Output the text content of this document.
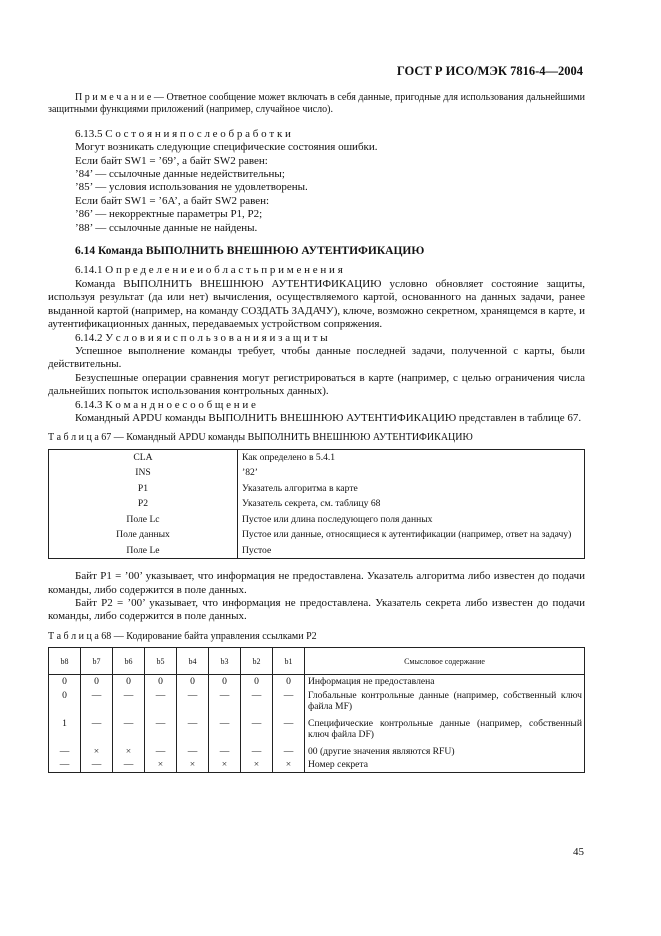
ГОСТ Р ИСО/МЭК 7816-4—2004

П р и м е ч а н и е — Ответное сообщение может включать в себя данные, пригодные для использования дальнейшими защитными функциями приложений (например, случайное число).

6.13.5 С о с т о я н и я п о с л е о б р а б о т к и

Могут возникать следующие специфические состояния ошибки.

Если байт SW1 = ’69’, а байт SW2 равен:

’84’ — ссылочные данные недействительны;

’85’ — условия использования не удовлетворены.

Если байт SW1 = ’6A’, а байт SW2 равен:

’86’ — некорректные параметры P1, P2;

’88’ — ссылочные данные не найдены.

6.14 Команда ВЫПОЛНИТЬ ВНЕШНЮЮ АУТЕНТИФИКАЦИЮ

6.14.1 О п р е д е л е н и е и о б л а с т ь п р и м е н е н и я

Команда ВЫПОЛНИТЬ ВНЕШНЮЮ АУТЕНТИФИКАЦИЮ условно обновляет состояние защиты, используя результат (да или нет) вычисления, осуществляемого картой, основанного на данных задачи, ранее выданной картой (например, на команду СОЗДАТЬ ЗАДАЧУ), ключе, возможно секретном, хранящемся в карте, и аутентификационных данных, передаваемых устройством сопряжения.

6.14.2 У с л о в и я и с п о л ь з о в а н и я и з а щ и т ы

Успешное выполнение команды требует, чтобы данные последней задачи, полученной с карты, были действительны.

Безуспешные операции сравнения могут регистрироваться в карте (например, с целью ограничения числа дальнейших попыток использования контрольных данных).

6.14.3 К о м а н д н о е с о о б щ е н и е

Командный APDU команды ВЫПОЛНИТЬ ВНЕШНЮЮ АУТЕНТИФИКАЦИЮ представлен в таблице 67.

Т а б л и ц а 67 — Командный APDU команды ВЫПОЛНИТЬ ВНЕШНЮЮ АУТЕНТИФИКАЦИЮ

CLA	Как определено в 5.4.1
INS	’82’
P1	Указатель алгоритма в карте
P2	Указатель секрета, см. таблицу 68
Поле Lc	Пустое или длина последующего поля данных
Поле данных	Пустое или данные, относящиеся к аутентификации (например, ответ на задачу)
Поле Le	Пустое

Байт P1 = ’00’ указывает, что информация не предоставлена. Указатель алгоритма либо известен до подачи команды, либо содержится в поле данных.

Байт P2 = ’00’ указывает, что информация не предоставлена. Указатель секрета либо известен до подачи команды, либо содержится в поле данных.

Т а б л и ц а 68 — Кодирование байта управления ссылками P2

b8	b7	b6	b5	b4	b3	b2	b1	Смысловое содержание
0	0	0	0	0	0	0	0	Информация не предоставлена
0	—	—	—	—	—	—	—	Глобальные контрольные данные (например, собственный ключ файла MF)

1	—	—	—	—	—	—	—	Специфические контрольные данные (например, собственный ключ файла DF)

—	×	×	—	—	—	—	—	00 (другие значения являются RFU)
—	—	—	×	×	×	×	×	Номер секрета
45
